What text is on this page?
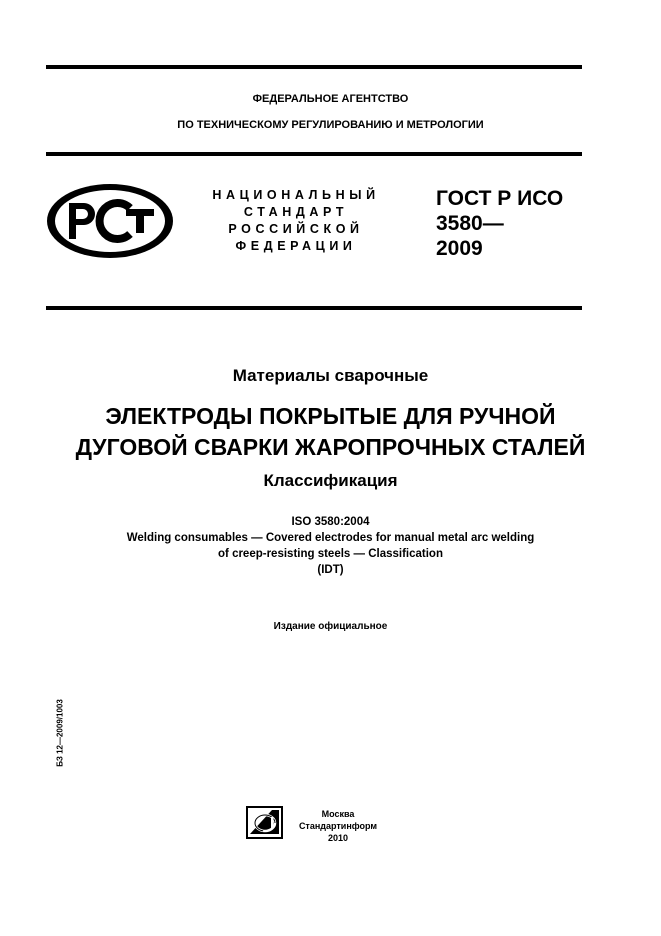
ФЕДЕРАЛЬНОЕ АГЕНТСТВО
ПО ТЕХНИЧЕСКОМУ РЕГУЛИРОВАНИЮ И МЕТРОЛОГИИ
НАЦИОНАЛЬНЫЙ
СТАНДАРТ
РОССИЙСКОЙ
ФЕДЕРАЦИИ
ГОСТ Р ИСО
3580—
2009
Материалы сварочные
ЭЛЕКТРОДЫ ПОКРЫТЫЕ ДЛЯ РУЧНОЙ
ДУГОВОЙ СВАРКИ ЖАРОПРОЧНЫХ СТАЛЕЙ
Классификация
ISO 3580:2004
Welding consumables — Covered electrodes for manual metal arc welding
of creep-resisting steels — Classification
(IDT)
Издание официальное
БЗ 12—2009/1003
Москва
Стандартинформ
2010
